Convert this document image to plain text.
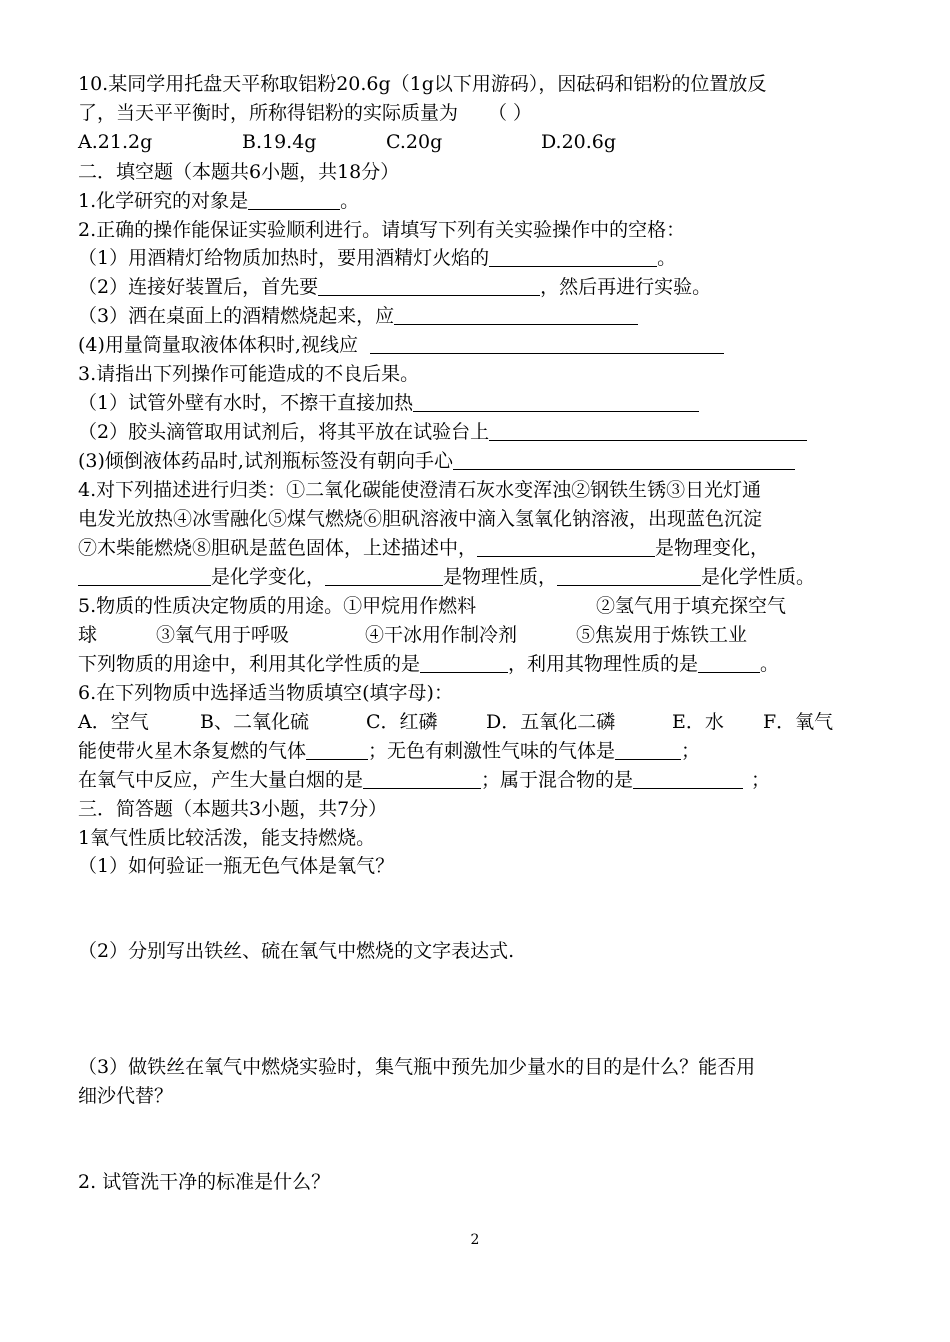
10.某同学用托盘天平称取铝粉20.6g（1g以下用游码），因砝码和铝粉的位置放反
了，当天平平衡时，所称得铝粉的实际质量为 （ ）
A.21.2g	B.19.4g	C.20g	D.20.6g
二．填空题（本题共6小题，共18分）
1.化学研究的对象是	。
2.正确的操作能保证实验顺利进行。请填写下列有关实验操作中的空格：
（1）用酒精灯给物质加热时，要用酒精灯火焰的	。
（2）连接好装置后，首先要	，然后再进行实验。
（3）洒在桌面上的酒精燃烧起来，应
(4)用量筒量取液体体积时,视线应
3.请指出下列操作可能造成的不良后果。
（1）试管外壁有水时，不擦干直接加热
（2）胶头滴管取用试剂后，将其平放在试验台上
(3)倾倒液体药品时,试剂瓶标签没有朝向手心
4.对下列描述进行归类：①二氧化碳能使澄清石灰水变浑浊②钢铁生锈③日光灯通
电发光放热④冰雪融化⑤煤气燃烧⑥胆矾溶液中滴入氢氧化钠溶液，出现蓝色沉淀
⑦木柴能燃烧⑧胆矾是蓝色固体，上述描述中，	是物理变化，
是化学变化，	是物理性质，	是化学性质。
5.物质的性质决定物质的用途。①甲烷用作燃料	②氢气用于填充探空气
球	③氧气用于呼吸	④干冰用作制冷剂	⑤焦炭用于炼铁工业
下列物质的用途中，利用其化学性质的是	，利用其物理性质的是	。
6.在下列物质中选择适当物质填空(填字母)：
A．空气	B、二氧化硫	C．红磷	D．五氧化二磷	E．水 F．氧气
能使带火星木条复燃的气体	；无色有刺激性气味的气体是	；
在氧气中反应，产生大量白烟的是	；属于混合物的是	；
三．简答题（本题共3小题，共7分）
1氧气性质比较活泼，能支持燃烧。
（1）如何验证一瓶无色气体是氧气？
（2）分别写出铁丝、硫在氧气中燃烧的文字表达式.
（3）做铁丝在氧气中燃烧实验时，集气瓶中预先加少量水的目的是什么？能否用
细沙代替？
2. 试管洗干净的标准是什么？
2
